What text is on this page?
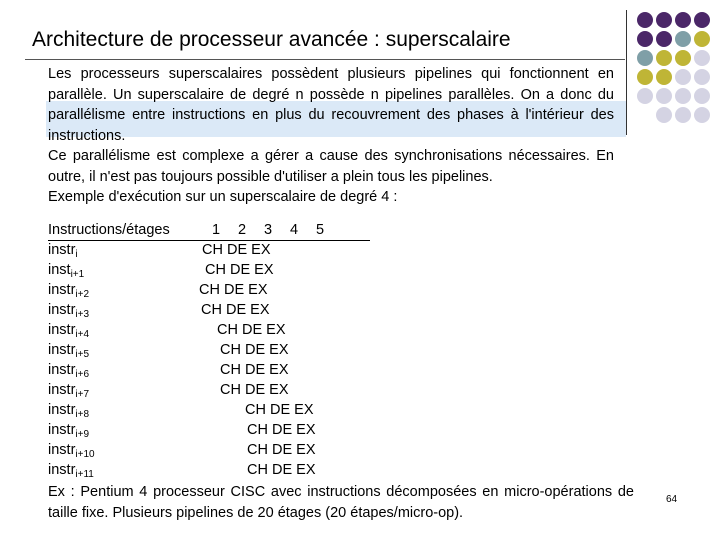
Architecture de processeur avancée : superscalaire

Les processeurs superscalaires possèdent plusieurs pipelines qui fonctionnent en parallèle. Un superscalaire de degré n possède n pipelines parallèles. On a donc du parallélisme entre instructions en plus du recouvrement des phases à l'intérieur des instructions.

Ce parallélisme est complexe a gérer a cause des synchronisations nécessaires. En outre, il n'est pas toujours possible d'utiliser a plein tous les pipelines.

Exemple d'exécution sur un superscalaire de degré 4 :

Instructions/étages	1 2 3 4 5
instr$_i$	CH DE EX
inst$_{i+1}$	CH DE EX
instr$_{i+2}$	CH DE EX
instr$_{i+3}$	CH DE EX
instr$_{i+4}$	CH DE EX
instr$_{i+5}$	CH DE EX
instr$_{i+6}$	CH DE EX
instr$_{i+7}$	CH DE EX
instr$_{i+8}$	CH DE EX
instr$_{i+9}$	CH DE EX
instr$_{i+10}$	CH DE EX
instr$_{i+11}$	CH DE EX
Ex : Pentium 4 processeur CISC avec instructions décomposées en micro-opérations de taille fixe. Plusieurs pipelines de 20 étages (20 étapes/micro-op).
64
